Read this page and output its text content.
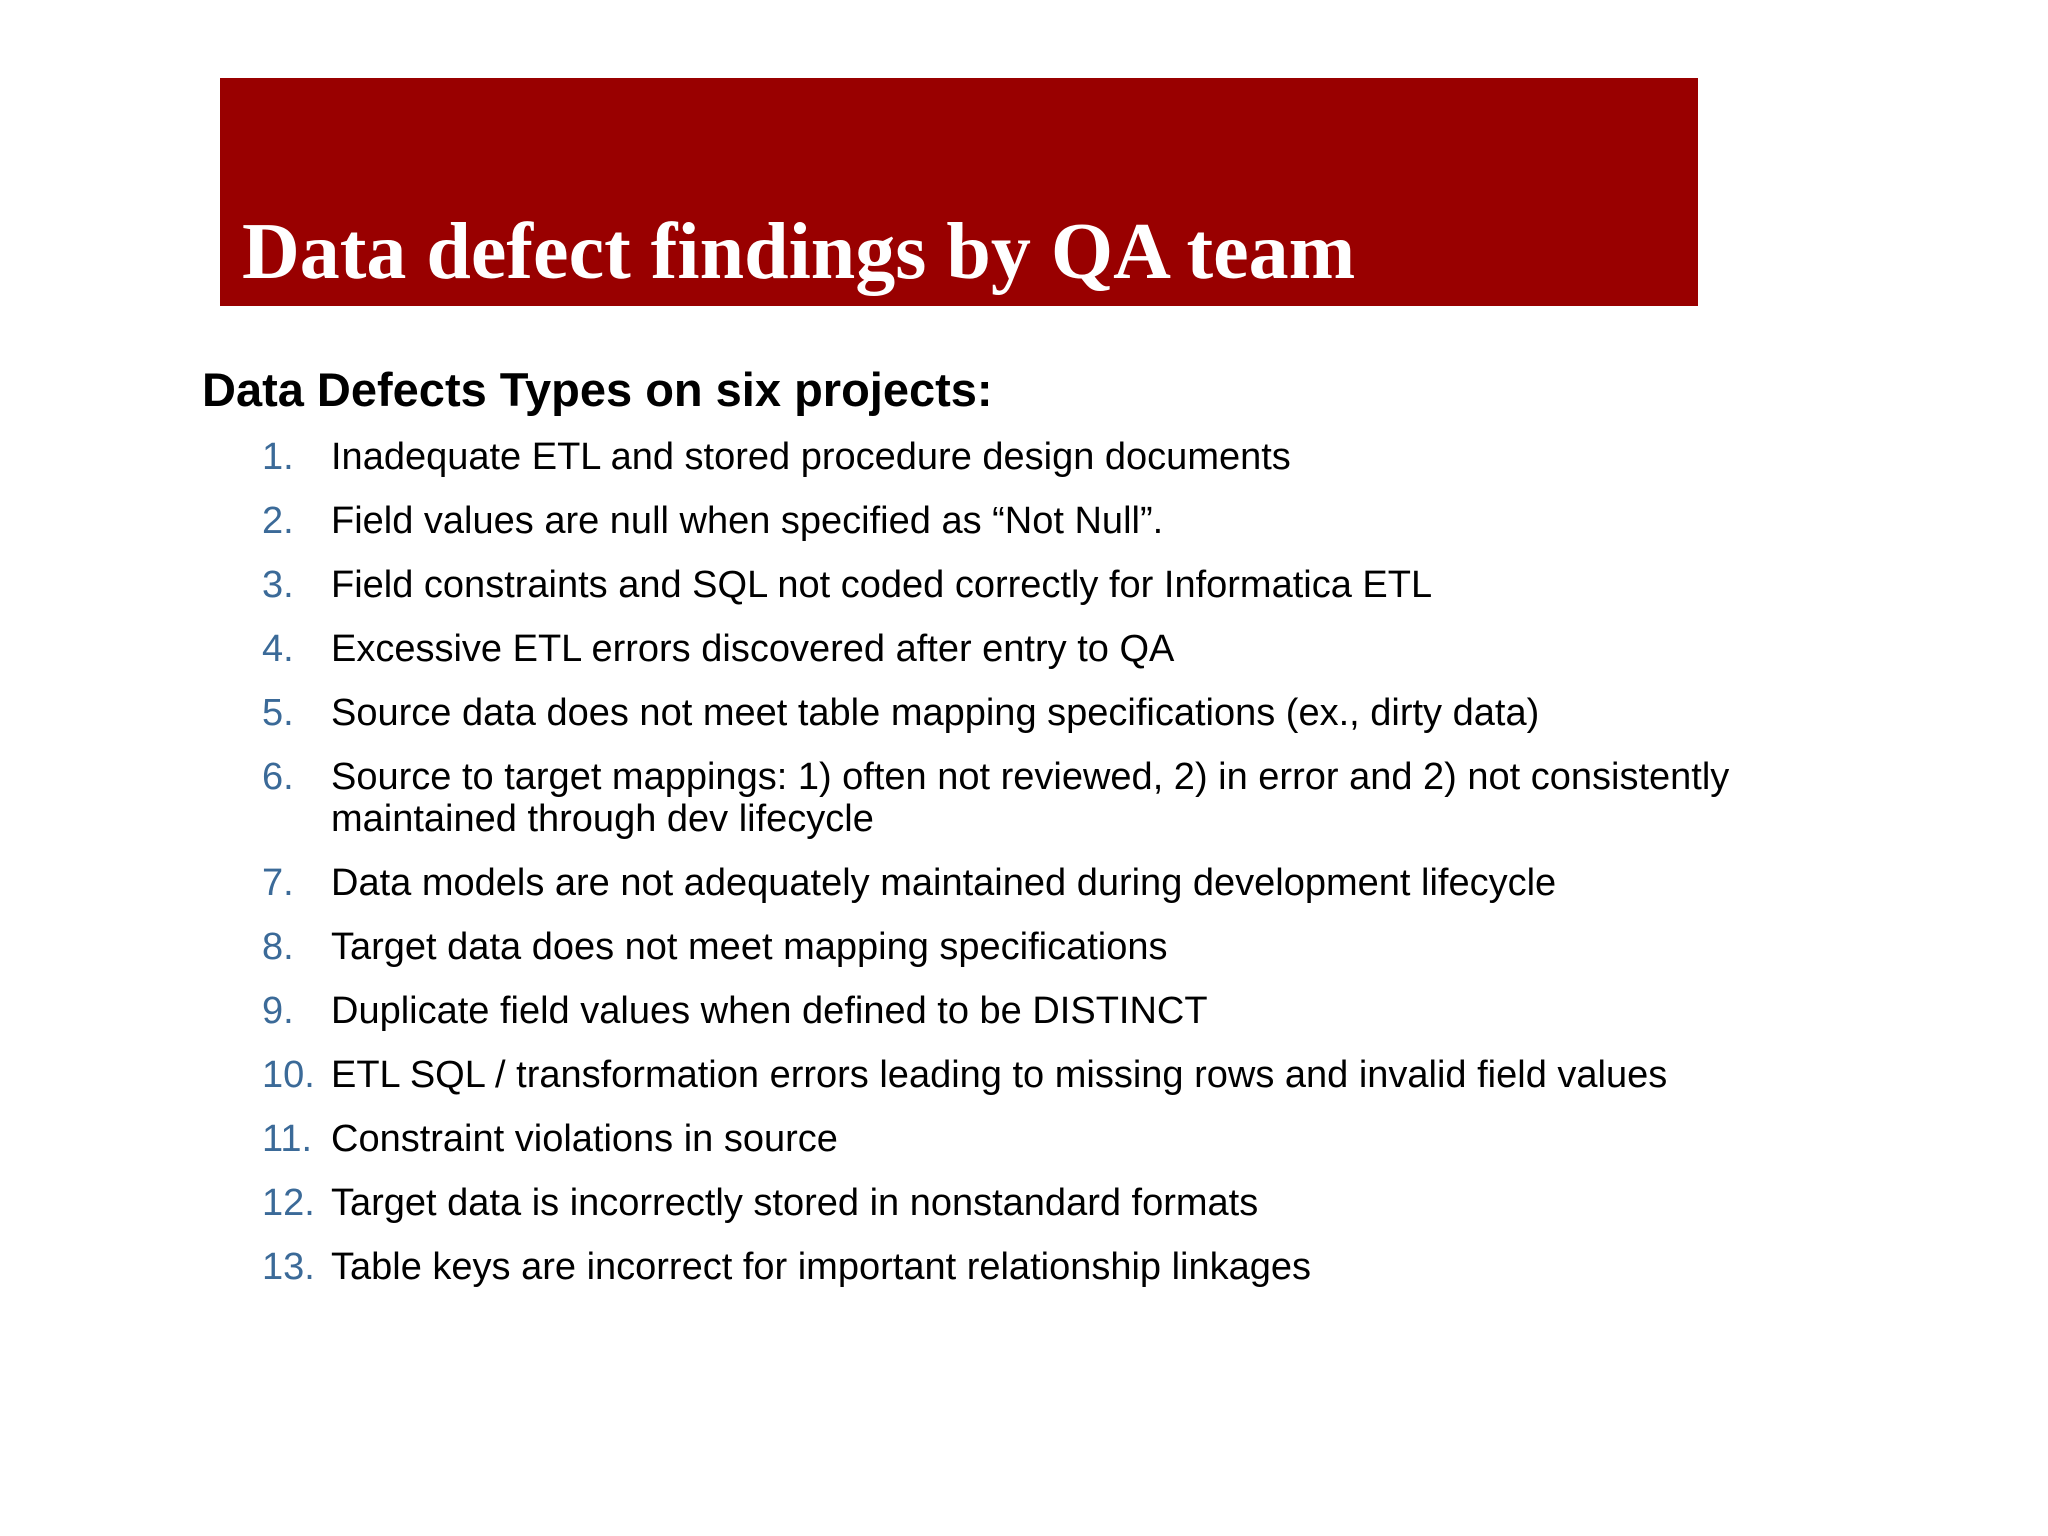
Data defect findings by QA team
Data Defects Types on six projects:
1. Inadequate ETL and stored procedure design documents
2. Field values are null when specified as “Not Null”.
3. Field constraints and SQL not coded correctly for Informatica ETL
4. Excessive ETL errors discovered after entry to QA
5. Source data does not meet table mapping specifications (ex., dirty data)
6. Source to target mappings: 1) often not reviewed, 2) in error and 2) not consistently maintained through dev lifecycle
7. Data models are not adequately maintained during development lifecycle
8. Target data does not meet mapping specifications
9. Duplicate field values when defined to be DISTINCT
10. ETL SQL / transformation errors leading to missing rows and invalid field values
11. Constraint violations in source
12. Target data is incorrectly stored in nonstandard formats
13. Table keys are incorrect for important relationship linkages
